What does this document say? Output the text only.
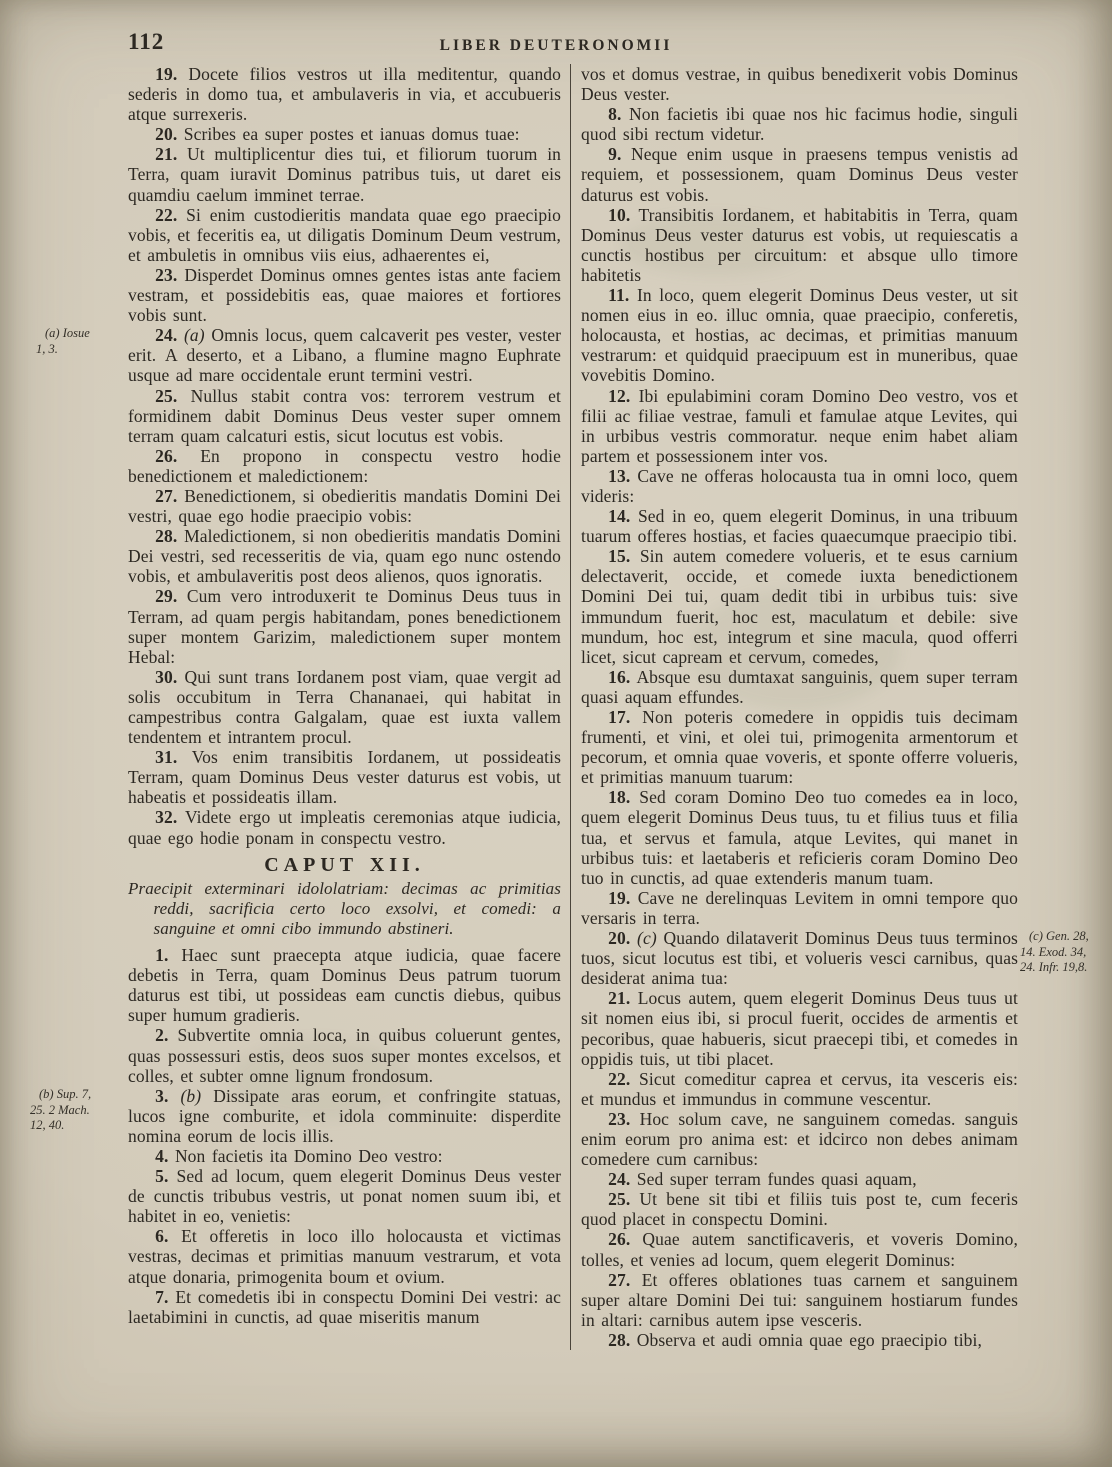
112	LIBER DEUTERONOMII

19. Docete filios vestros ut illa meditentur, quando sederis in domo tua, et ambulaveris in via, et accubueris atque surrexeris.

20. Scribes ea super postes et ianuas domus tuae:

21. Ut multiplicentur dies tui, et filiorum tuorum in Terra, quam iuravit Dominus patribus tuis, ut daret eis quamdiu caelum imminet terrae.

22. Si enim custodieritis mandata quae ego praecipio vobis, et feceritis ea, ut diligatis Dominum Deum vestrum, et ambuletis in omnibus viis eius, adhaerentes ei,

23. Disperdet Dominus omnes gentes istas ante faciem vestram, et possidebitis eas, quae maiores et fortiores vobis sunt.

24. (a) Omnis locus, quem calcaverit pes vester, vester erit. A deserto, et a Libano, a flumine magno Euphrate usque ad mare occidentale erunt termini vestri.

25. Nullus stabit contra vos: terrorem vestrum et formidinem dabit Dominus Deus vester super omnem terram quam calcaturi estis, sicut locutus est vobis.

26. En propono in conspectu vestro hodie benedictionem et maledictionem:

27. Benedictionem, si obedieritis mandatis Domini Dei vestri, quae ego hodie praecipio vobis:

28. Maledictionem, si non obedieritis mandatis Domini Dei vestri, sed recesseritis de via, quam ego nunc ostendo vobis, et ambulaveritis post deos alienos, quos ignoratis.

29. Cum vero introduxerit te Dominus Deus tuus in Terram, ad quam pergis habitandam, pones benedictionem super montem Garizim, maledictionem super montem Hebal:

30. Qui sunt trans Iordanem post viam, quae vergit ad solis occubitum in Terra Chananaei, qui habitat in campestribus contra Galgalam, quae est iuxta vallem tendentem et intrantem procul.

31. Vos enim transibitis Iordanem, ut possideatis Terram, quam Dominus Deus vester daturus est vobis, ut habeatis et possideatis illam.

32. Videte ergo ut impleatis ceremonias atque iudicia, quae ego hodie ponam in conspectu vestro.

CAPUT XII.

Praecipit exterminari idololatriam: decimas ac primitias reddi, sacrificia certo loco exsolvi, et comedi: a sanguine et omni cibo immundo abstineri.

1. Haec sunt praecepta atque iudicia, quae facere debetis in Terra, quam Dominus Deus patrum tuorum daturus est tibi, ut possideas eam cunctis diebus, quibus super humum gradieris.

2. Subvertite omnia loca, in quibus coluerunt gentes, quas possessuri estis, deos suos super montes excelsos, et colles, et subter omne lignum frondosum.

3. (b) Dissipate aras eorum, et confringite statuas, lucos igne comburite, et idola comminuite: disperdite nomina eorum de locis illis.

4. Non facietis ita Domino Deo vestro:

5. Sed ad locum, quem elegerit Dominus Deus vester de cunctis tribubus vestris, ut ponat nomen suum ibi, et habitet in eo, venietis:

6. Et offeretis in loco illo holocausta et victimas vestras, decimas et primitias manuum vestrarum, et vota atque donaria, primogenita boum et ovium.

7. Et comedetis ibi in conspectu Domini Dei vestri: ac laetabimini in cunctis, ad quae miseritis manum

vos et domus vestrae, in quibus benedixerit vobis Dominus Deus vester.

8. Non facietis ibi quae nos hic facimus hodie, singuli quod sibi rectum videtur.

9. Neque enim usque in praesens tempus venistis ad requiem, et possessionem, quam Dominus Deus vester daturus est vobis.

10. Transibitis Iordanem, et habitabitis in Terra, quam Dominus Deus vester daturus est vobis, ut requiescatis a cunctis hostibus per circuitum: et absque ullo timore habitetis

11. In loco, quem elegerit Dominus Deus vester, ut sit nomen eius in eo. illuc omnia, quae praecipio, conferetis, holocausta, et hostias, ac decimas, et primitias manuum vestrarum: et quidquid praecipuum est in muneribus, quae vovebitis Domino.

12. Ibi epulabimini coram Domino Deo vestro, vos et filii ac filiae vestrae, famuli et famulae atque Levites, qui in urbibus vestris commoratur. neque enim habet aliam partem et possessionem inter vos.

13. Cave ne offeras holocausta tua in omni loco, quem videris:

14. Sed in eo, quem elegerit Dominus, in una tribuum tuarum offeres hostias, et facies quaecumque praecipio tibi.

15. Sin autem comedere volueris, et te esus carnium delectaverit, occide, et comede iuxta benedictionem Domini Dei tui, quam dedit tibi in urbibus tuis: sive immundum fuerit, hoc est, maculatum et debile: sive mundum, hoc est, integrum et sine macula, quod offerri licet, sicut capream et cervum, comedes,

16. Absque esu dumtaxat sanguinis, quem super terram quasi aquam effundes.

17. Non poteris comedere in oppidis tuis decimam frumenti, et vini, et olei tui, primogenita armentorum et pecorum, et omnia quae voveris, et sponte offerre volueris, et primitias manuum tuarum:

18. Sed coram Domino Deo tuo comedes ea in loco, quem elegerit Dominus Deus tuus, tu et filius tuus et filia tua, et servus et famula, atque Levites, qui manet in urbibus tuis: et laetaberis et reficieris coram Domino Deo tuo in cunctis, ad quae extenderis manum tuam.

19. Cave ne derelinquas Levitem in omni tempore quo versaris in terra.

20. (c) Quando dilataverit Dominus Deus tuus terminos tuos, sicut locutus est tibi, et volueris vesci carnibus, quas desiderat anima tua:

21. Locus autem, quem elegerit Dominus Deus tuus ut sit nomen eius ibi, si procul fuerit, occides de armentis et pecoribus, quae habueris, sicut praecepi tibi, et comedes in oppidis tuis, ut tibi placet.

22. Sicut comeditur caprea et cervus, ita vesceris eis: et mundus et immundus in commune vescentur.

23. Hoc solum cave, ne sanguinem comedas. sanguis enim eorum pro anima est: et idcirco non debes animam comedere cum carnibus:

24. Sed super terram fundes quasi aquam,

25. Ut bene sit tibi et filiis tuis post te, cum feceris quod placet in conspectu Domini.

26. Quae autem sanctificaveris, et voveris Domino, tolles, et venies ad locum, quem elegerit Dominus:

27. Et offeres oblationes tuas carnem et sanguinem super altare Domini Dei tui: sanguinem hostiarum fundes in altari: carnibus autem ipse vesceris.

28. Observa et audi omnia quae ego praecipio tibi,

(a) Iosue
1, 3.
(b) Sup. 7,
25. 2 Mach.
12, 40.
(c) Gen. 28,
14. Exod. 34,
24. Infr. 19,8.
